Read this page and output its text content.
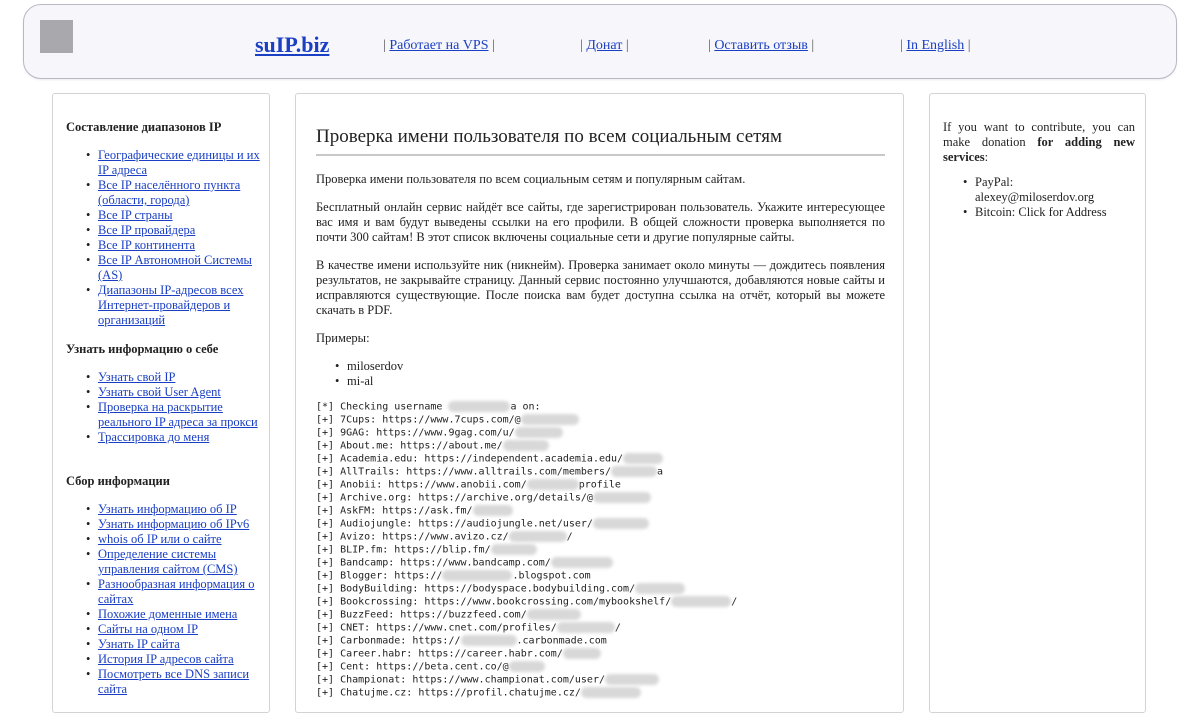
suIP.biz	| Работает на VPS |	| Донат |	| Оставить отзыв |	| In English |
Составление диапазонов IP
• Географические единицы и их IP адреса
• Все IP населённого пункта (области, города)
• Все IP страны
• Все IP провайдера
• Все IP континента
• Все IP Автономной Системы (AS)
• Диапазоны IP-адресов всех Интернет-провайдеров и организаций
Узнать информацию о себе
• Узнать свой IP
• Узнать свой User Agent
• Проверка на раскрытие реального IP адреса за прокси
• Трассировка до меня
Сбор информации
• Узнать информацию об IP
• Узнать информацию об IPv6
• whois об IP или о сайте
• Определение системы управления сайтом (CMS)
• Разнообразная информация о сайтах
• Похожие доменные имена
• Сайты на одном IP
• Узнать IP сайта
• История IP адресов сайта
• Посмотреть все DNS записи сайта
Проверка имени пользователя по всем социальным сетям

Проверка имени пользователя по всем социальным сетям и популярным сайтам.

Бесплатный онлайн сервис найдёт все сайты, где зарегистрирован пользователь. Укажите интересующее вас имя и вам будут выведены ссылки на его профили. В общей сложности проверка выполняется по почти 300 сайтам! В этот список включены социальные сети и другие популярные сайты.

В качестве имени используйте ник (никнейм). Проверка занимает около минуты — дождитесь появления результатов, не закрывайте страницу. Данный сервис постоянно улучшаются, добавляются новые сайты и исправляются существующие. После поиска вам будет доступна ссылка на отчёт, который вы можете скачать в PDF.

Примеры:

• miloserdov
• mi-al
[*] Checking username	a on:
[+] 7Cups: https://www.7cups.com/@
[+] 9GAG: https://www.9gag.com/u/
[+] About.me: https://about.me/
[+] Academia.edu: https://independent.academia.edu/
[+] AllTrails: https://www.alltrails.com/members/	a
[+] Anobii: https://www.anobii.com/	profile
[+] Archive.org: https://archive.org/details/@
[+] AskFM: https://ask.fm/
[+] Audiojungle: https://audiojungle.net/user/
[+] Avizo: https://www.avizo.cz/	/
[+] BLIP.fm: https://blip.fm/
[+] Bandcamp: https://www.bandcamp.com/
[+] Blogger: https://	.blogspot.com
[+] BodyBuilding: https://bodyspace.bodybuilding.com/
[+] Bookcrossing: https://www.bookcrossing.com/mybookshelf/	/
[+] BuzzFeed: https://buzzfeed.com/
[+] CNET: https://www.cnet.com/profiles/	/
[+] Carbonmade: https://	.carbonmade.com
[+] Career.habr: https://career.habr.com/
[+] Cent: https://beta.cent.co/@
[+] Championat: https://www.championat.com/user/
[+] Chatujme.cz: https://profil.chatujme.cz/
If you want to contribute, you can make donation for adding new services:
• PayPal: alexey@miloserdov.org
• Bitcoin: Click for Address
